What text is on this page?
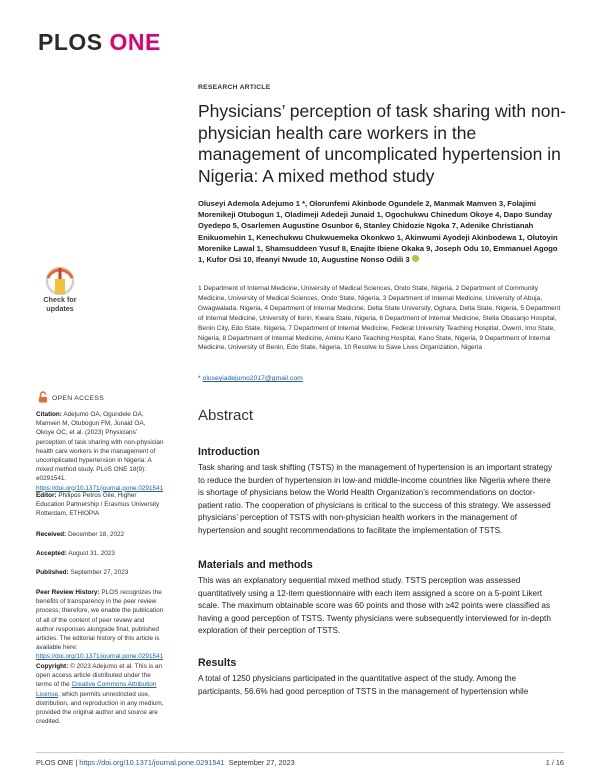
PLOS ONE
RESEARCH ARTICLE
Physicians’ perception of task sharing with non-physician health care workers in the management of uncomplicated hypertension in Nigeria: A mixed method study
Oluseyi Ademola Adejumo 1 *, Olorunfemi Akinbode Ogundele 2, Manmak Mamven 3, Folajimi Morenikeji Otubogun 1, Oladimeji Adedeji Junaid 1, Ogochukwu Chinedum Okoye 4, Dapo Sunday Oyedepo 5, Osarlemen Augustine Osunbor 6, Stanley Chidozie Ngoka 7, Adenike Christianah Enikuomehin 1, Kenechukwu Chukwuemeka Okonkwo 1, Akinwumi Ayodeji Akinbodewa 1, Olutoyin Morenike Lawal 1, Shamsuddeen Yusuf 8, Enajite Ibiene Okaka 9, Joseph Odu 10, Emmanuel Agogo 1, Kufor Osi 10, Ifeanyi Nwude 10, Augustine Nonso Odili 3
1 Department of Internal Medicine, University of Medical Sciences, Ondo State, Nigeria, 2 Department of Community Medicine, University of Medical Sciences, Ondo State, Nigeria, 3 Department of Internal Medicine, University of Abuja, Gwagwalada, Nigeria, 4 Department of Internal Medicine, Delta State University, Oghara, Delta State, Nigeria, 5 Department of Internal Medicine, University of Ilorin, Kwara State, Nigeria, 6 Department of Internal Medicine, Stella Obasanjo Hospital, Benin City, Edo State, Nigeria, 7 Department of Internal Medicine, Federal University Teaching Hospital, Owerri, Imo State, Nigeria, 8 Department of Internal Medicine, Aminu Kano Teaching Hospital, Kano State, Nigeria, 9 Department of Internal Medicine, University of Benin, Edo State, Nigeria, 10 Resolve to Save Lives Organization, Nigeria
* oluseyiadejumo2017@gmail.com
Check for
updates
OPEN ACCESS
Citation: Adejumo OA, Ogundele OA, Mamven M, Otubogun FM, Junaid OA, Okoye OC, et al. (2023) Physicians’ perception of task sharing with non-physician health care workers in the management of uncomplicated hypertension in Nigeria: A mixed method study. PLoS ONE 18(9): e0291541. https://doi.org/10.1371/journal.pone.0291541
Editor: Philipos Petros Gile, Higher Education Partnership / Erasmus University Rotterdam, ETHIOPIA
Received: December 18, 2022
Accepted: August 31, 2023
Published: September 27, 2023
Peer Review History: PLOS recognizes the benefits of transparency in the peer review process; therefore, we enable the publication of all of the content of peer review and author responses alongside final, published articles. The editorial history of this article is available here: https://doi.org/10.1371/journal.pone.0291541
Copyright: © 2023 Adejumo et al. This is an open access article distributed under the terms of the Creative Commons Attribution License, which permits unrestricted use, distribution, and reproduction in any medium, provided the original author and source are credited.
Abstract
Introduction
Task sharing and task shifting (TSTS) in the management of hypertension is an important strategy to reduce the burden of hypertension in low-and middle-income countries like Nigeria where there is shortage of physicians below the World Health Organization’s recommendations on doctor-patient ratio. The cooperation of physicians is critical to the success of this strategy. We assessed physicians’ perception of TSTS with non-physician health workers in the management of hypertension and sought recommendations to facilitate the implementation of TSTS.
Materials and methods
This was an explanatory sequential mixed method study. TSTS perception was assessed quantitatively using a 12-item questionnaire with each item assigned a score on a 5-point Likert scale. The maximum obtainable score was 60 points and those with ≥42 points were classified as having a good perception of TSTS. Twenty physicians were subsequently interviewed for in-depth exploration of their perception of TSTS.
Results
A total of 1250 physicians participated in the quantitative aspect of the study. Among the participants, 56.6% had good perception of TSTS in the management of hypertension while
PLOS ONE | https://doi.org/10.1371/journal.pone.0291541 September 27, 2023	1 / 16
